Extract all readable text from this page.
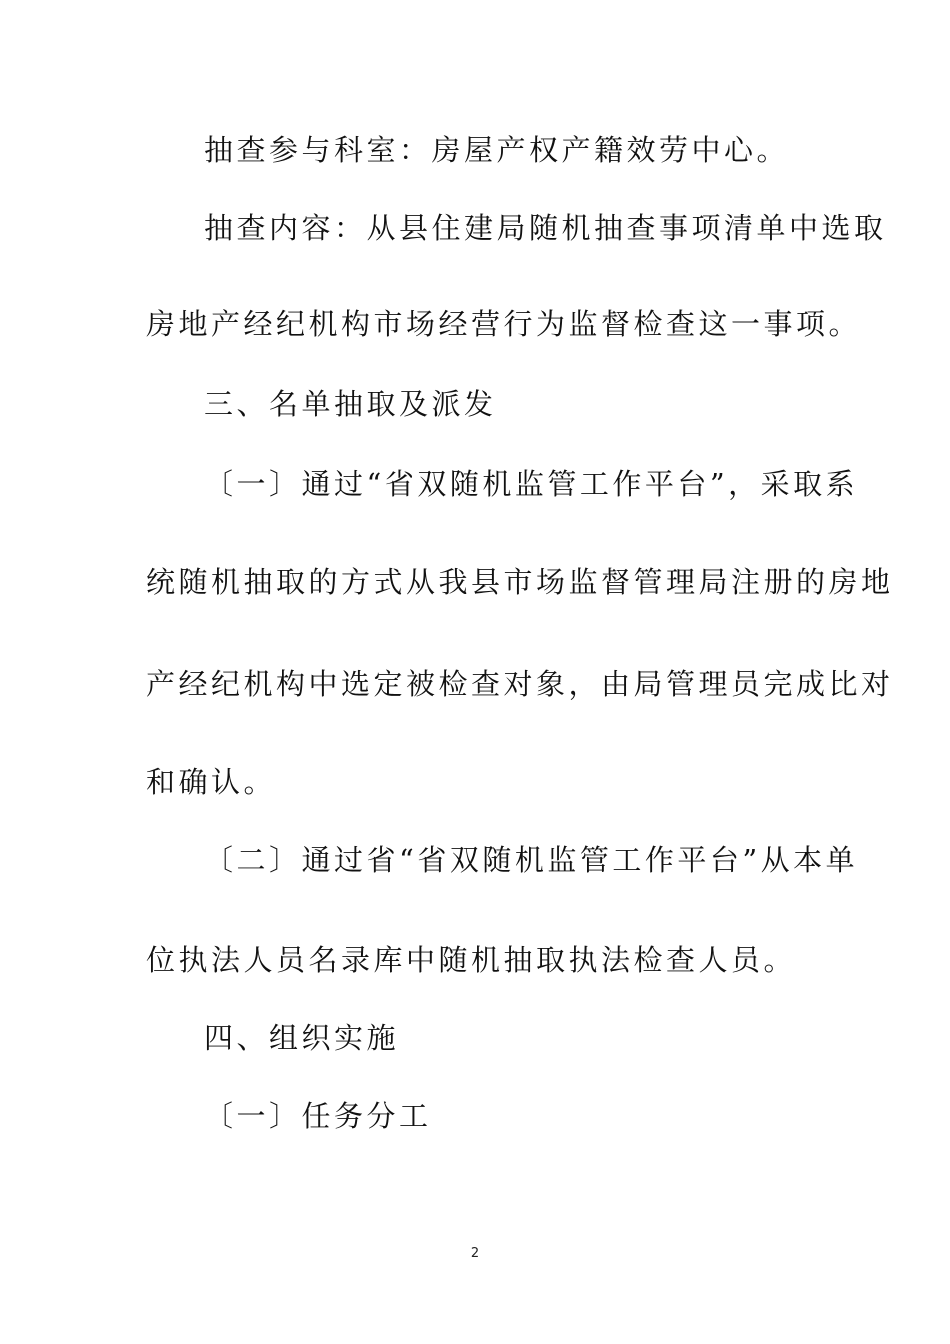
抽查参与科室：房屋产权产籍效劳中心。
抽查内容：从县住建局随机抽查事项清单中选取
房地产经纪机构市场经营行为监督检查这一事项。
三、名单抽取及派发
〔一〕通过“省双随机监管工作平台”，采取系
统随机抽取的方式从我县市场监督管理局注册的房地
产经纪机构中选定被检查对象，由局管理员完成比对
和确认。
〔二〕通过省“省双随机监管工作平台”从本单
位执法人员名录库中随机抽取执法检查人员。
四、组织实施
〔一〕任务分工
2
